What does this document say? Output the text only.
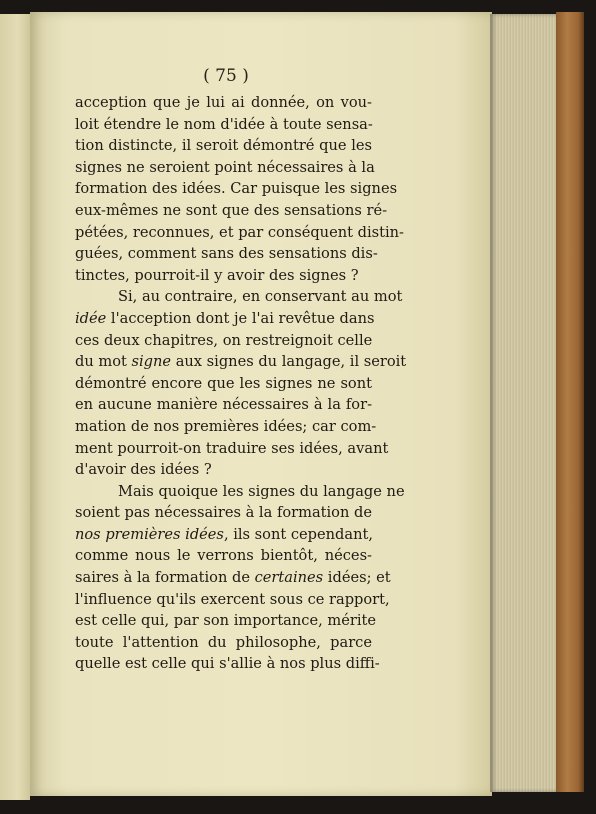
( 75 )
acception que je lui ai donnée, on vou-
loit étendre le nom d'idée à toute sensa-
tion distincte, il seroit démontré que les
signes ne seroient point nécessaires à la
formation des idées. Car puisque les signes
eux-mêmes ne sont que des sensations ré-
pétées, reconnues, et par conséquent distin-
guées, comment sans des sensations dis-
tinctes, pourroit-il y avoir des signes ?
Si, au contraire, en conservant au mot
idée l'acception dont je l'ai revêtue dans
ces deux chapitres, on restreignoit celle
du mot signe aux signes du langage, il seroit
démontré encore que les signes ne sont
en aucune manière nécessaires à la for-
mation de nos premières idées; car com-
ment pourroit-on traduire ses idées, avant
d'avoir des idées ?
Mais quoique les signes du langage ne
soient pas nécessaires à la formation de
nos premières idées, ils sont cependant,
comme nous le verrons bientôt, néces-
saires à la formation de certaines idées; et
l'influence qu'ils exercent sous ce rapport,
est celle qui, par son importance, mérite
toute l'attention du philosophe, parce
quelle est celle qui s'allie à nos plus diffi-
